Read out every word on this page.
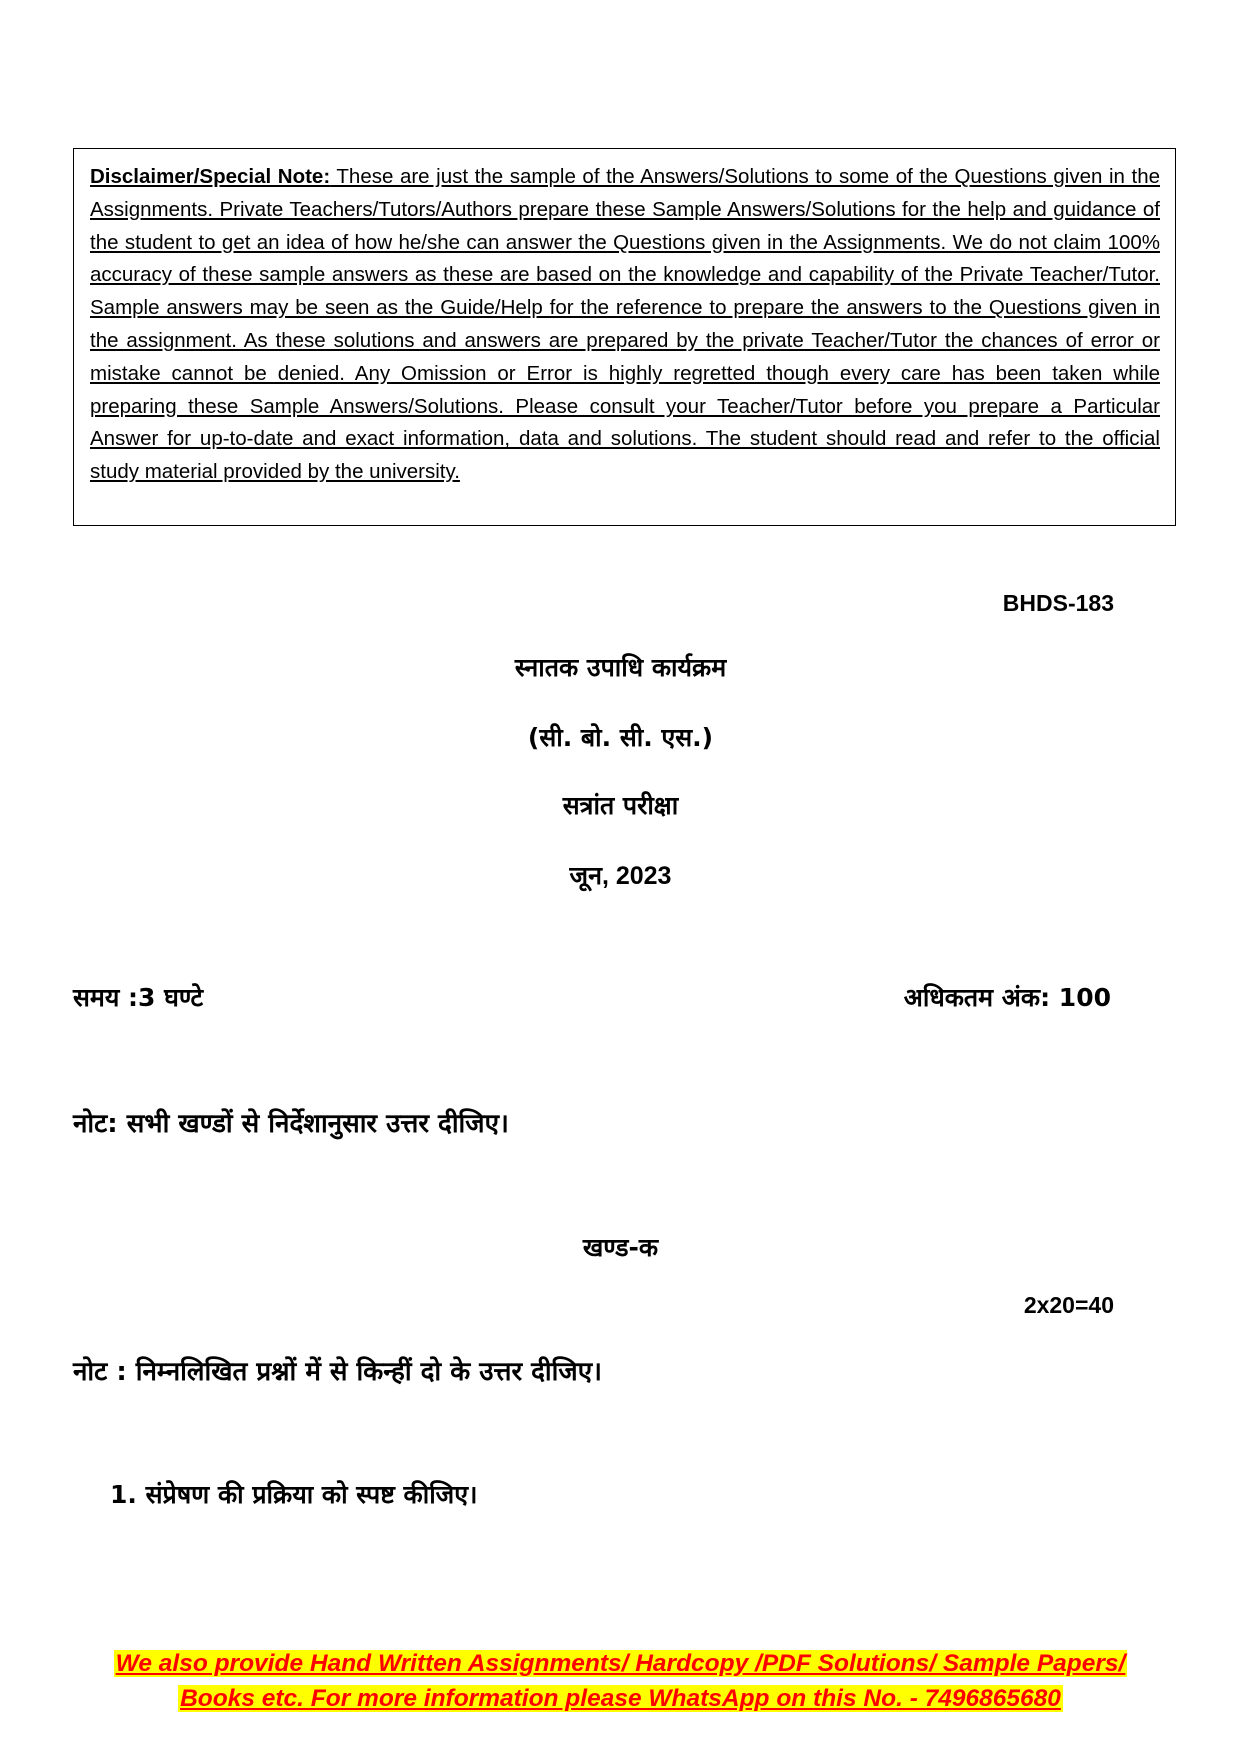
Disclaimer/Special Note: These are just the sample of the Answers/Solutions to some of the Questions given in the Assignments. Private Teachers/Tutors/Authors prepare these Sample Answers/Solutions for the help and guidance of the student to get an idea of how he/she can answer the Questions given in the Assignments. We do not claim 100% accuracy of these sample answers as these are based on the knowledge and capability of the Private Teacher/Tutor. Sample answers may be seen as the Guide/Help for the reference to prepare the answers to the Questions given in the assignment. As these solutions and answers are prepared by the private Teacher/Tutor the chances of error or mistake cannot be denied. Any Omission or Error is highly regretted though every care has been taken while preparing these Sample Answers/Solutions. Please consult your Teacher/Tutor before you prepare a Particular Answer for up-to-date and exact information, data and solutions. The student should read and refer to the official study material provided by the university.
BHDS-183
स्नातक उपाधि कार्यक्रम
(सी. बो. सी. एस.)
सत्रांत परीक्षा
जून, 2023
समय :3 घण्टे	अधिकतम अंक: 100
नोट: सभी खण्डों से निर्देशानुसार उत्तर दीजिए।
खण्ड-क
2x20=40
नोट : निम्नलिखित प्रश्नों में से किन्हीं दो के उत्तर दीजिए।
1. संप्रेषण की प्रक्रिया को स्पष्ट कीजिए।
We also provide Hand Written Assignments/ Hardcopy /PDF Solutions/ Sample Papers/
Books etc. For more information please WhatsApp on this No. - 7496865680
